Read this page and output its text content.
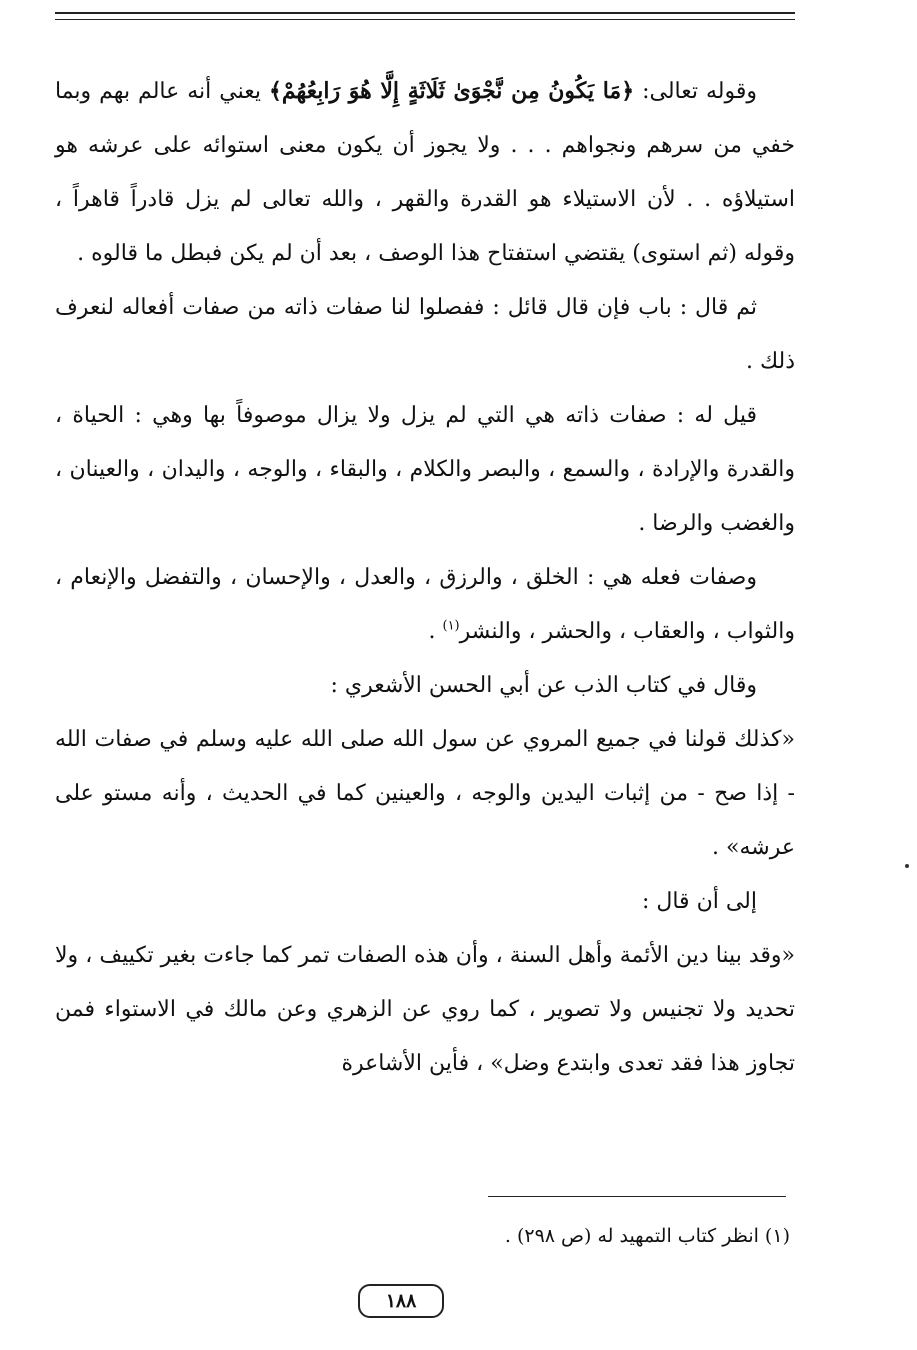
وقوله تعالى: ﴿مَا يَكُونُ مِن نَّجْوَىٰ ثَلَاثَةٍ إِلَّا هُوَ رَابِعُهُمْ﴾ يعني أنه عالم بهم وبما خفي من سرهم ونجواهم . . . ولا يجوز أن يكون معنى استوائه على عرشه هو استيلاؤه . . لأن الاستيلاء هو القدرة والقهر ، والله تعالى لم يزل قادراً قاهراً ، وقوله (ثم استوى) يقتضي استفتاح هذا الوصف ، بعد أن لم يكن فبطل ما قالوه .

ثم قال : باب فإن قال قائل : ففصلوا لنا صفات ذاته من صفات أفعاله لنعرف ذلك .

قيل له : صفات ذاته هي التي لم يزل ولا يزال موصوفاً بها وهي : الحياة ، والقدرة والإرادة ، والسمع ، والبصر والكلام ، والبقاء ، والوجه ، واليدان ، والعينان ، والغضب والرضا .

وصفات فعله هي : الخلق ، والرزق ، والعدل ، والإحسان ، والتفضل والإنعام ، والثواب ، والعقاب ، والحشر ، والنشر$^{(١)}$ .

وقال في كتاب الذب عن أبي الحسن الأشعري :

«كذلك قولنا في جميع المروي عن سول الله صلى الله عليه وسلم في صفات الله - إذا صح - من إثبات اليدين والوجه ، والعينين كما في الحديث ، وأنه مستو على عرشه» .

إلى أن قال :

«وقد بينا دين الأئمة وأهل السنة ، وأن هذه الصفات تمر كما جاءت بغير تكييف ، ولا تحديد ولا تجنيس ولا تصوير ، كما روي عن الزهري وعن مالك في الاستواء فمن تجاوز هذا فقد تعدى وابتدع وضل» ، فأين الأشاعرة

(١) انظر كتاب التمهيد له (ص ٢٩٨) .
١٨٨
